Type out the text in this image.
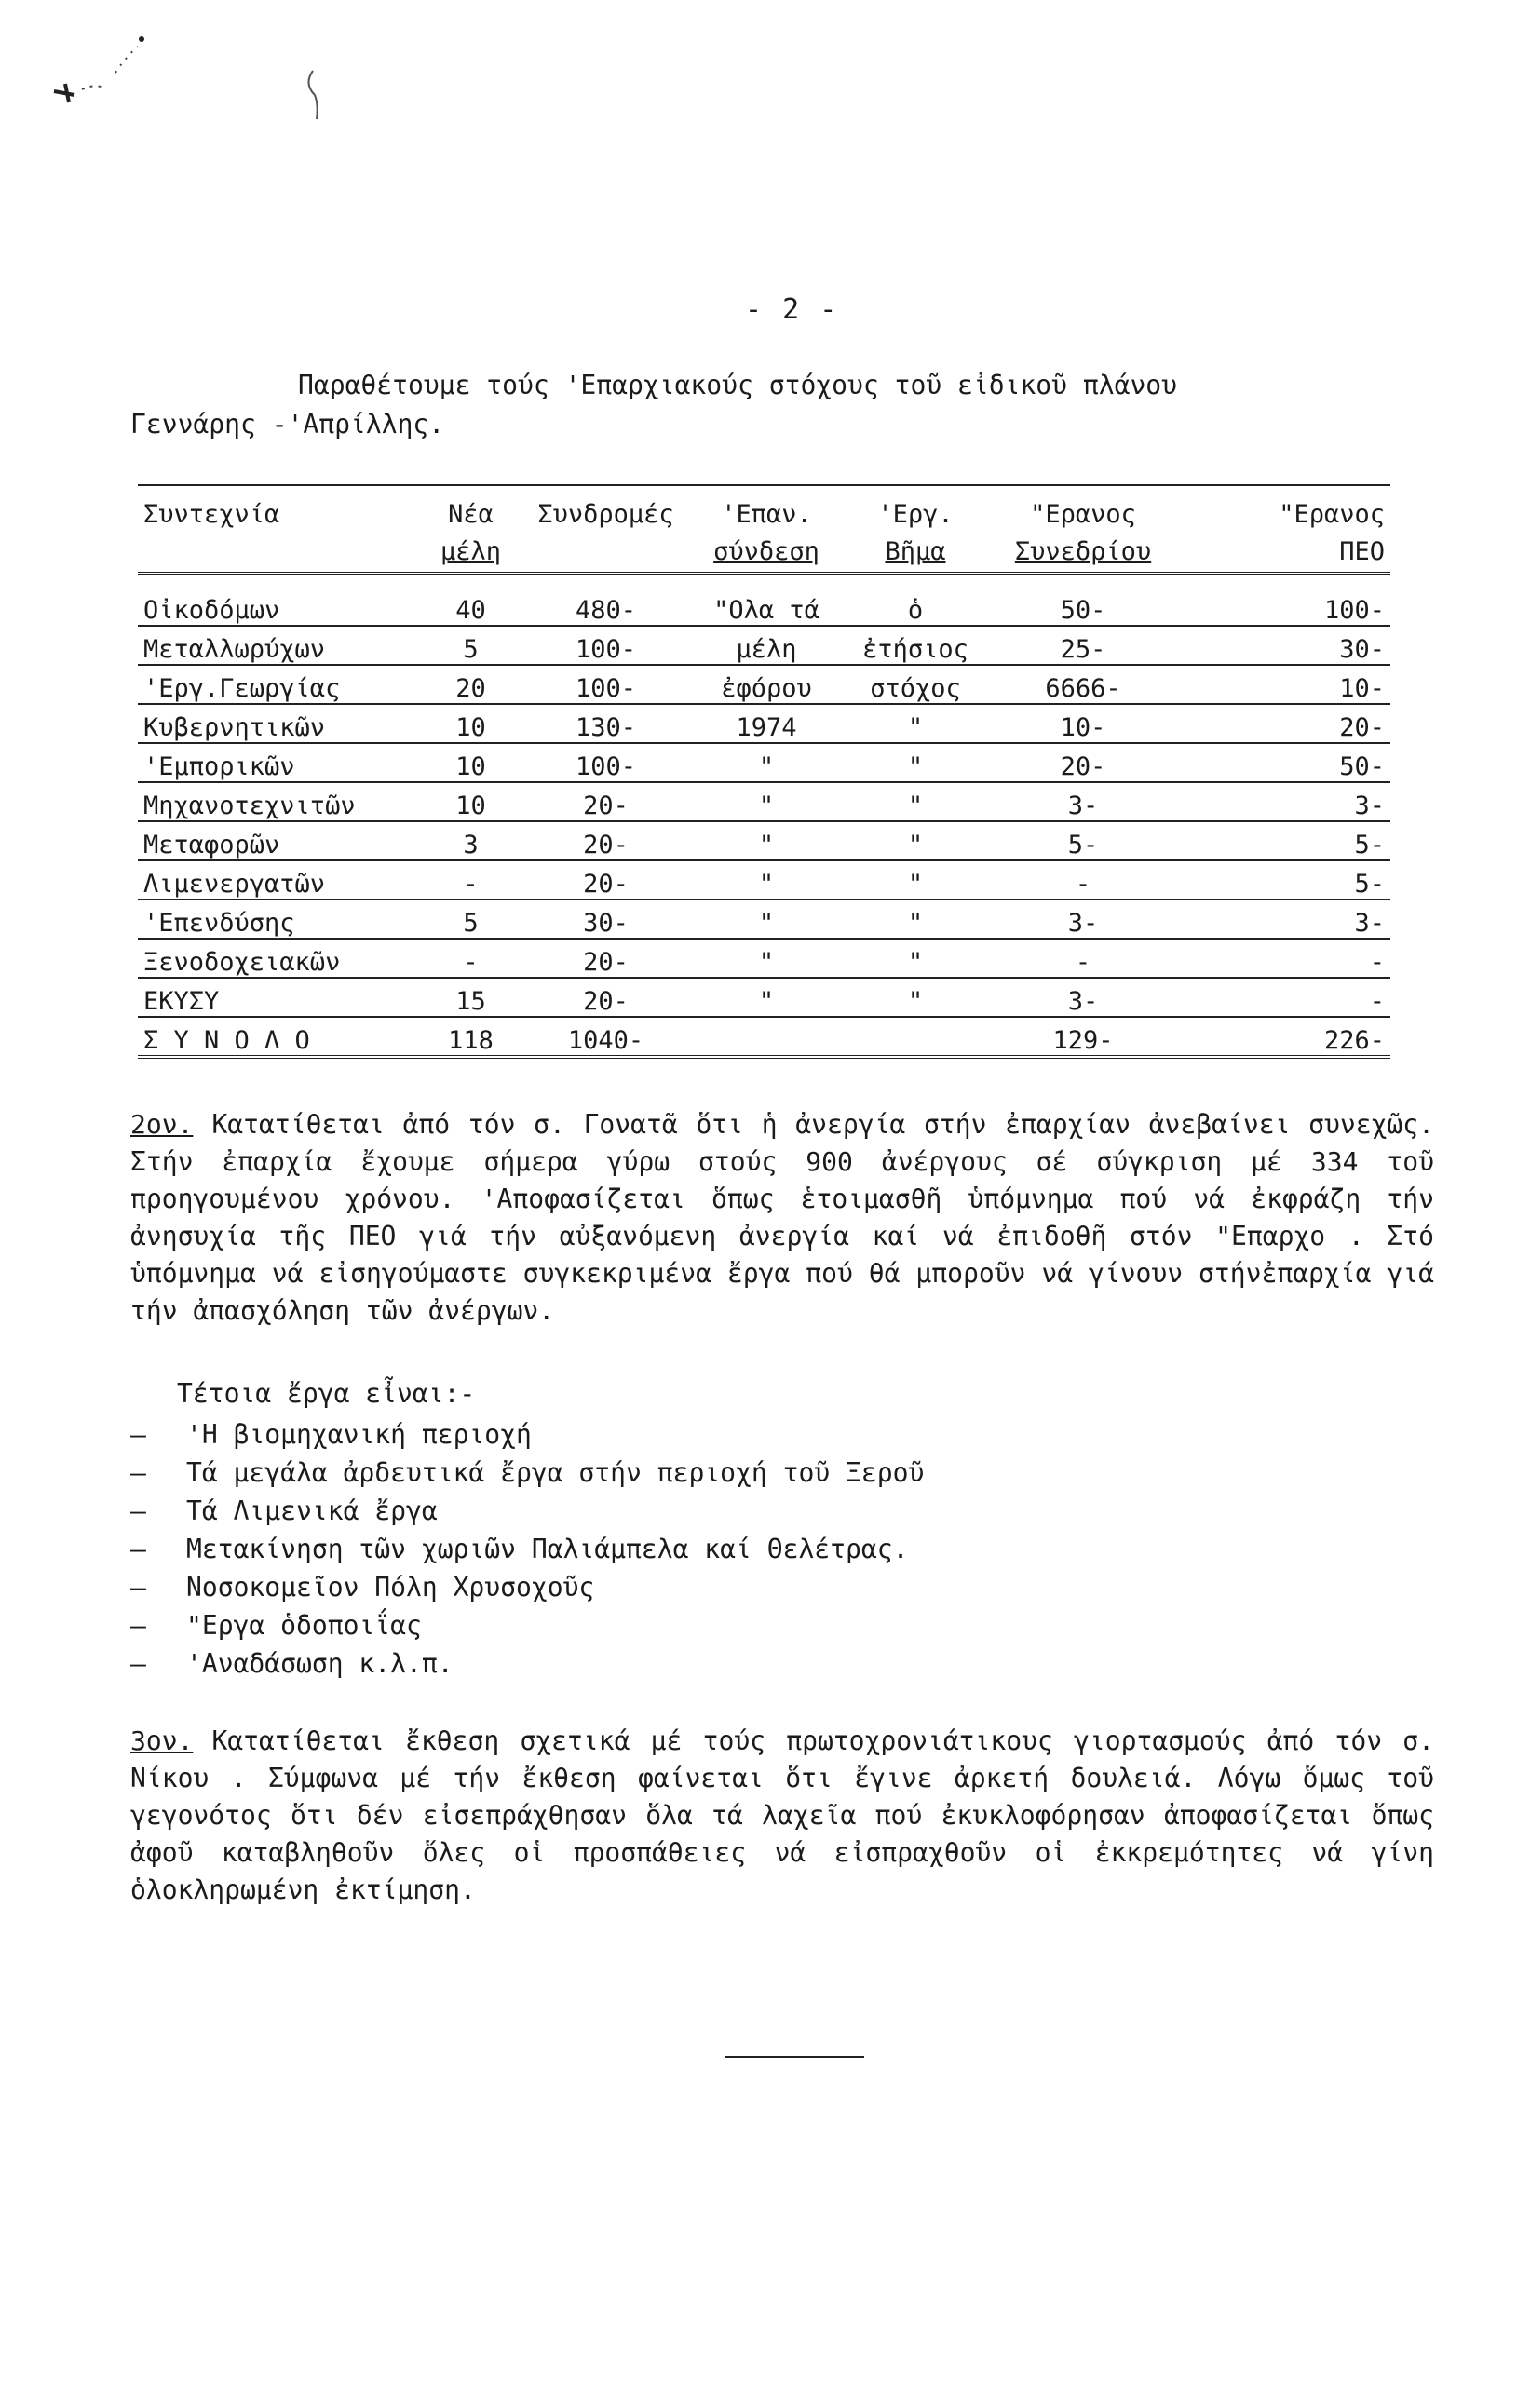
- 2 -
Παραθέτουμε τούς 'Επαρχιακούς στόχους τοῦ εἰδικοῦ πλάνου
Γεννάρης -'Απρίλλης.
Συντεχνία	Νέα	Συνδρομές	'Επαν.	'Εργ.	"Ερανος	"Ερανος
	μέλη		σύνδεση	Βῆμα	Συνεδρίου	ΠΕΟ

Οἰκοδόμων	40	480-	"Ολα τά	ὁ	50-	100-
Μεταλλωρύχων	5	100-	μέλη	ἐτήσιος	25-	30-
'Εργ.Γεωργίας	20	100-	ἐφόρου	στόχος	6666-	10-
Κυβερνητικῶν	10	130-	1974	"	10-	20-
'Εμπορικῶν	10	100-	"	"	20-	50-
Μηχανοτεχνιτῶν	10	20-	"	"	3-	3-
Μεταφορῶν	3	20-	"	"	5-	5-
Λιμενεργατῶν	-	20-	"	"	-	5-
'Επενδύσης	5	30-	"	"	3-	3-
Ξενοδοχειακῶν	-	20-	"	"	-	-
ΕΚΥΣΥ	15	20-	"	"	3-	-
Σ Υ Ν Ο Λ Ο	118	1040-			129-	226-
2ον. Κατατίθεται ἀπό τόν σ. Γονατᾶ ὅτι ἡ ἀνεργία στήν ἐπαρχίαν ἀνεβαίνει συνεχῶς. Στήν ἐπαρχία ἔχουμε σήμερα γύρω στούς 900 ἀνέργους σέ σύγκριση μέ 334 τοῦ προηγουμένου χρόνου. 'Αποφασίζεται ὅπως ἑτοιμασθῆ ὑπόμνημα πού νά ἐκφράζη τήν ἀνησυχία τῆς ΠΕΟ γιά τήν αὐξανόμενη ἀνεργία καί νά ἐπιδοθῆ στόν "Επαρχο . Στό ὑπόμνημα νά εἰσηγούμαστε συγκεκριμένα ἔργα πού θά μποροῦν νά γίνουν στήνἐπαρχία γιά τήν ἀπασχόληση τῶν ἀνέργων.
Τέτοια ἔργα εἶναι:-
– 'Η βιομηχανική περιοχή
– Τά μεγάλα ἀρδευτικά ἔργα στήν περιοχή τοῦ Ξεροῦ
– Τά Λιμενικά ἔργα
– Μετακίνηση τῶν χωριῶν Παλιάμπελα καί Θελέτρας.
– Νοσοκομεῖον Πόλη Χρυσοχοῦς
– "Εργα ὁδοποιΐας
– 'Αναδάσωση κ.λ.π.
3ον. Κατατίθεται ἔκθεση σχετικά μέ τούς πρωτοχρονιάτικους γιορτασμούς ἀπό τόν σ. Νίκου . Σύμφωνα μέ τήν ἔκθεση φαίνεται ὅτι ἔγινε ἀρκετή δουλειά. Λόγω ὅμως τοῦ γεγονότος ὅτι δέν εἰσεπράχθησαν ὅλα τά λαχεῖα πού ἐκυκλοφόρησαν ἀποφασίζεται ὅπως ἀφοῦ καταβληθοῦν ὅλες οἱ προσπάθειες νά εἰσπραχθοῦν οἱ ἐκκρεμότητες νά γίνη ὁλοκληρωμένη ἐκτίμηση.
